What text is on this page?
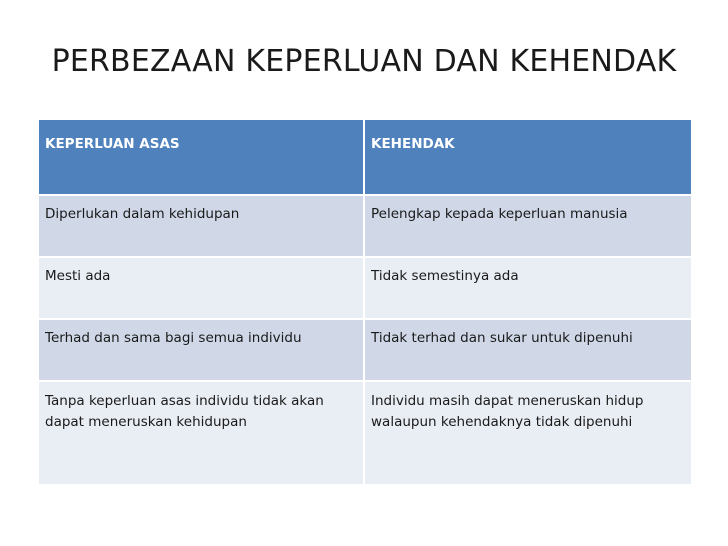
PERBEZAAN KEPERLUAN DAN KEHENDAK
KEPERLUAN ASAS	KEHENDAK
Diperlukan dalam kehidupan	Pelengkap kepada keperluan manusia
Mesti ada	Tidak semestinya ada
Terhad dan sama bagi semua individu	Tidak terhad dan sukar untuk dipenuhi
Tanpa keperluan asas individu tidak akan dapat meneruskan kehidupan	Individu masih dapat meneruskan hidup walaupun kehendaknya tidak dipenuhi
